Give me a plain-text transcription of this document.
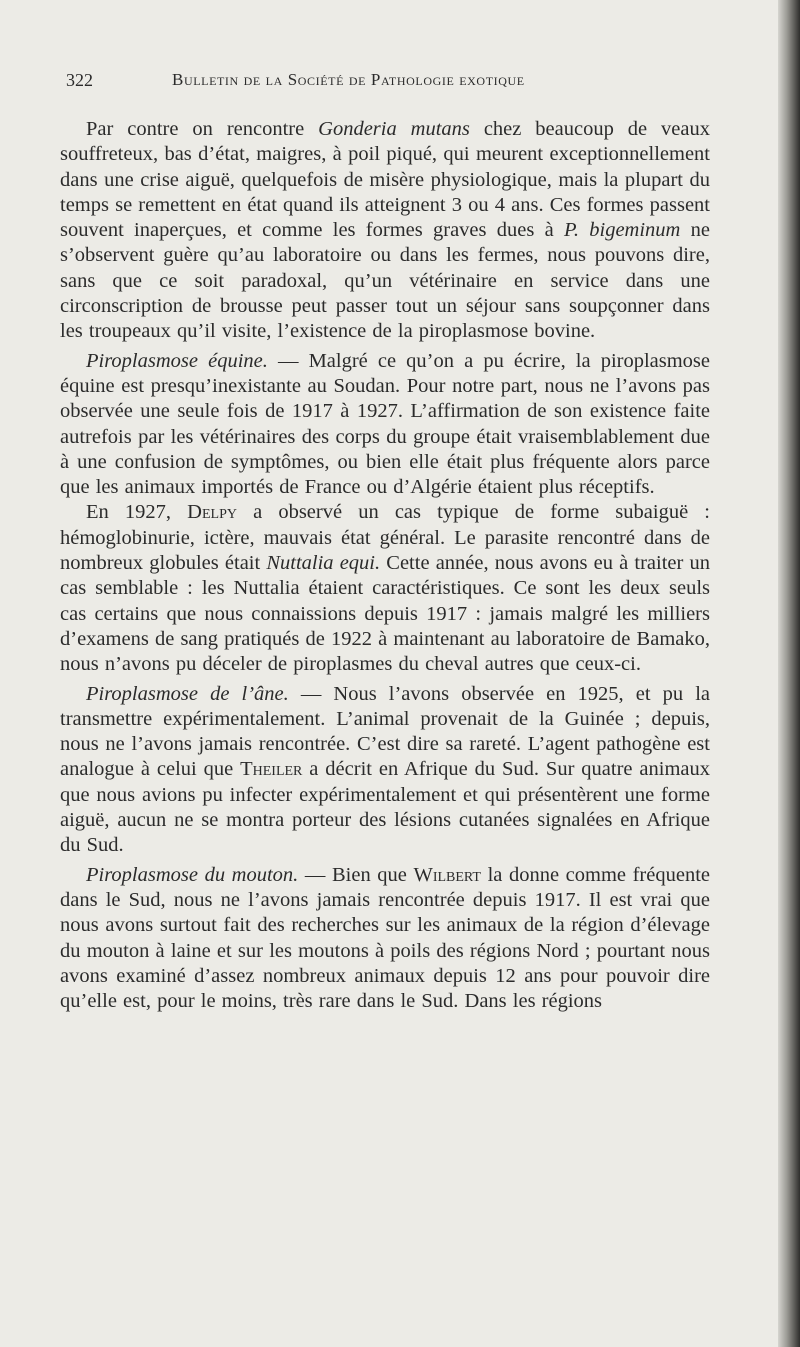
322	Bulletin de la Société de Pathologie exotique

Par contre on rencontre Gonderia mutans chez beaucoup de veaux souffreteux, bas d’état, maigres, à poil piqué, qui meurent exceptionnellement dans une crise aiguë, quelquefois de misère physiologique, mais la plupart du temps se remettent en état quand ils atteignent 3 ou 4 ans. Ces formes passent souvent inaperçues, et comme les formes graves dues à P. bigeminum ne s’observent guère qu’au laboratoire ou dans les fermes, nous pouvons dire, sans que ce soit paradoxal, qu’un vétérinaire en service dans une circonscription de brousse peut passer tout un séjour sans soupçonner dans les troupeaux qu’il visite, l’existence de la piroplasmose bovine.

Piroplasmose équine. — Malgré ce qu’on a pu écrire, la piroplasmose équine est presqu’inexistante au Soudan. Pour notre part, nous ne l’avons pas observée une seule fois de 1917 à 1927. L’affirmation de son existence faite autrefois par les vétérinaires des corps du groupe était vraisemblablement due à une confusion de symptômes, ou bien elle était plus fréquente alors parce que les animaux importés de France ou d’Algérie étaient plus réceptifs.

En 1927, Delpy a observé un cas typique de forme subaiguë : hémoglobinurie, ictère, mauvais état général. Le parasite rencontré dans de nombreux globules était Nuttalia equi. Cette année, nous avons eu à traiter un cas semblable : les Nuttalia étaient caractéristiques. Ce sont les deux seuls cas certains que nous connaissions depuis 1917 : jamais malgré les milliers d’examens de sang pratiqués de 1922 à maintenant au laboratoire de Bamako, nous n’avons pu déceler de piroplasmes du cheval autres que ceux-ci.

Piroplasmose de l’âne. — Nous l’avons observée en 1925, et pu la transmettre expérimentalement. L’animal provenait de la Guinée ; depuis, nous ne l’avons jamais rencontrée. C’est dire sa rareté. L’agent pathogène est analogue à celui que Theiler a décrit en Afrique du Sud. Sur quatre animaux que nous avions pu infecter expérimentalement et qui présentèrent une forme aiguë, aucun ne se montra porteur des lésions cutanées signalées en Afrique du Sud.

Piroplasmose du mouton. — Bien que Wilbert la donne comme fréquente dans le Sud, nous ne l’avons jamais rencontrée depuis 1917. Il est vrai que nous avons surtout fait des recherches sur les animaux de la région d’élevage du mouton à laine et sur les moutons à poils des régions Nord ; pourtant nous avons examiné d’assez nombreux animaux depuis 12 ans pour pouvoir dire qu’elle est, pour le moins, très rare dans le Sud. Dans les régions
